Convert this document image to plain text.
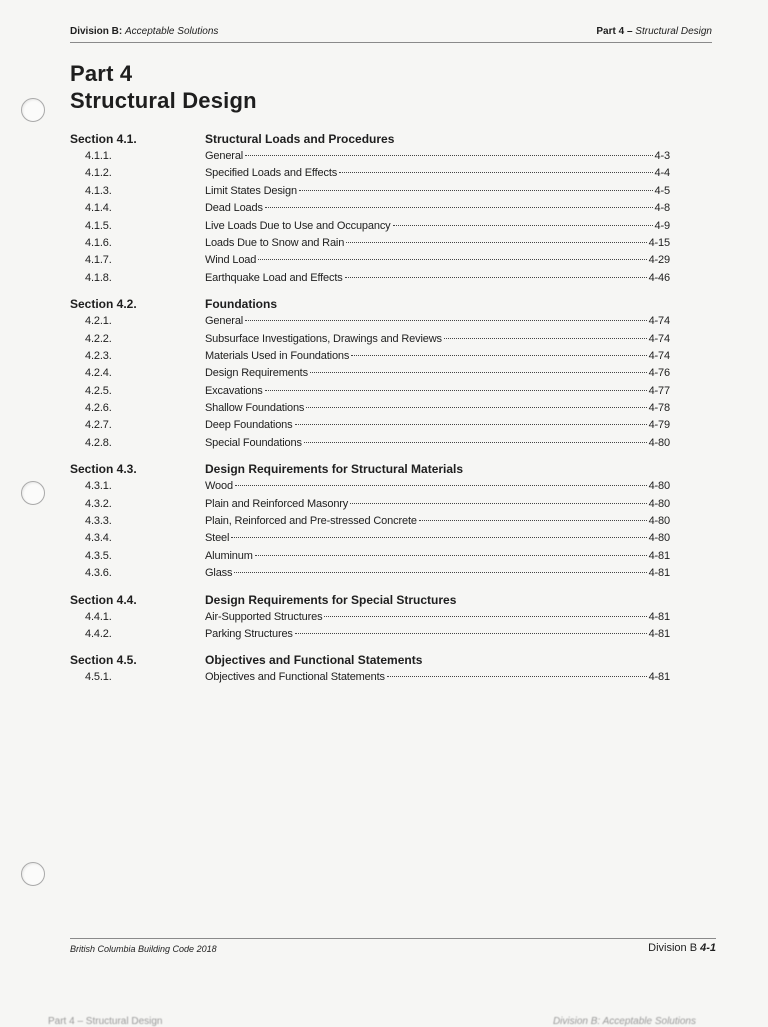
Division B: Acceptable Solutions	Part 4 – Structural Design
Part 4
Structural Design
Section 4.1.	Structural Loads and Procedures
4.1.1.	General	4-3
4.1.2.	Specified Loads and Effects	4-4
4.1.3.	Limit States Design	4-5
4.1.4.	Dead Loads	4-8
4.1.5.	Live Loads Due to Use and Occupancy	4-9
4.1.6.	Loads Due to Snow and Rain	4-15
4.1.7.	Wind Load	4-29
4.1.8.	Earthquake Load and Effects	4-46
Section 4.2.	Foundations
4.2.1.	General	4-74
4.2.2.	Subsurface Investigations, Drawings and Reviews	4-74
4.2.3.	Materials Used in Foundations	4-74
4.2.4.	Design Requirements	4-76
4.2.5.	Excavations	4-77
4.2.6.	Shallow Foundations	4-78
4.2.7.	Deep Foundations	4-79
4.2.8.	Special Foundations	4-80
Section 4.3.	Design Requirements for Structural Materials
4.3.1.	Wood	4-80
4.3.2.	Plain and Reinforced Masonry	4-80
4.3.3.	Plain, Reinforced and Pre-stressed Concrete	4-80
4.3.4.	Steel	4-80
4.3.5.	Aluminum	4-81
4.3.6.	Glass	4-81
Section 4.4.	Design Requirements for Special Structures
4.4.1.	Air-Supported Structures	4-81
4.4.2.	Parking Structures	4-81
Section 4.5.	Objectives and Functional Statements
4.5.1.	Objectives and Functional Statements	4-81
British Columbia Building Code 2018	Division B 4-1
Part 4 – Structural Design	Division B: Acceptable Solutions
